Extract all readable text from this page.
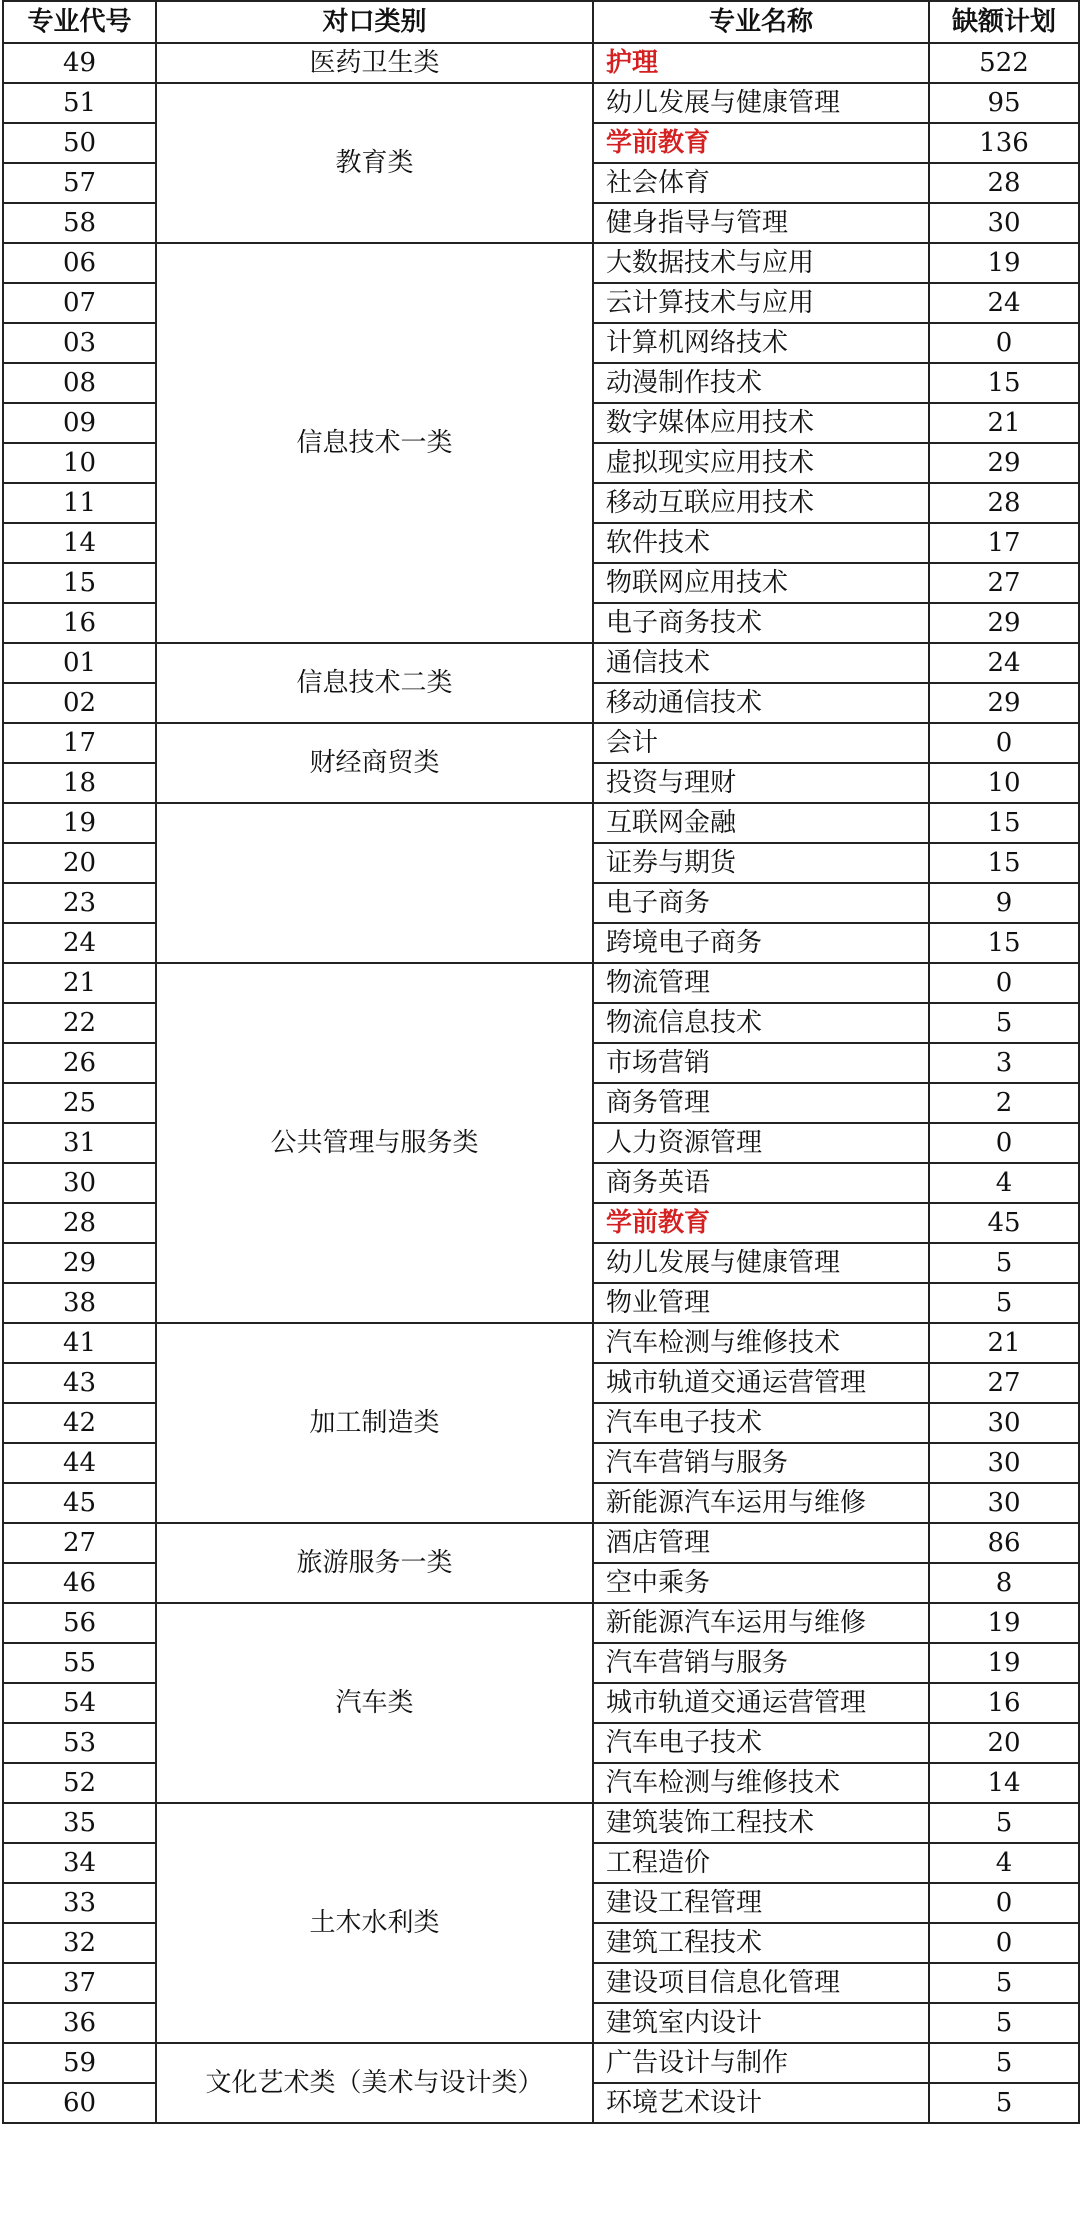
专业代号	对口类别	专业名称	缺额计划
49	医药卫生类	护理	522
51	教育类	幼儿发展与健康管理	95
50		学前教育	136
57		社会体育	28
58		健身指导与管理	30
06	信息技术一类	大数据技术与应用	19
07		云计算技术与应用	24
03		计算机网络技术	0
08		动漫制作技术	15
09		数字媒体应用技术	21
10		虚拟现实应用技术	29
11		移动互联应用技术	28
14		软件技术	17
15		物联网应用技术	27
16		电子商务技术	29
01	信息技术二类	通信技术	24
02		移动通信技术	29
17	财经商贸类	会计	0
18		投资与理财	10
19		互联网金融	15
20		证券与期货	15
23		电子商务	9
24		跨境电子商务	15
21	公共管理与服务类	物流管理	0
22		物流信息技术	5
26		市场营销	3
25		商务管理	2
31		人力资源管理	0
30		商务英语	4
28		学前教育	45
29		幼儿发展与健康管理	5
38		物业管理	5
41	加工制造类	汽车检测与维修技术	21
43		城市轨道交通运营管理	27
42		汽车电子技术	30
44		汽车营销与服务	30
45		新能源汽车运用与维修	30
27	旅游服务一类	酒店管理	86
46		空中乘务	8
56	汽车类	新能源汽车运用与维修	19
55		汽车营销与服务	19
54		城市轨道交通运营管理	16
53		汽车电子技术	20
52		汽车检测与维修技术	14
35	土木水利类	建筑装饰工程技术	5
34		工程造价	4
33		建设工程管理	0
32		建筑工程技术	0
37		建设项目信息化管理	5
36		建筑室内设计	5
59	文化艺术类（美术与设计类）	广告设计与制作	5
60		环境艺术设计	5
